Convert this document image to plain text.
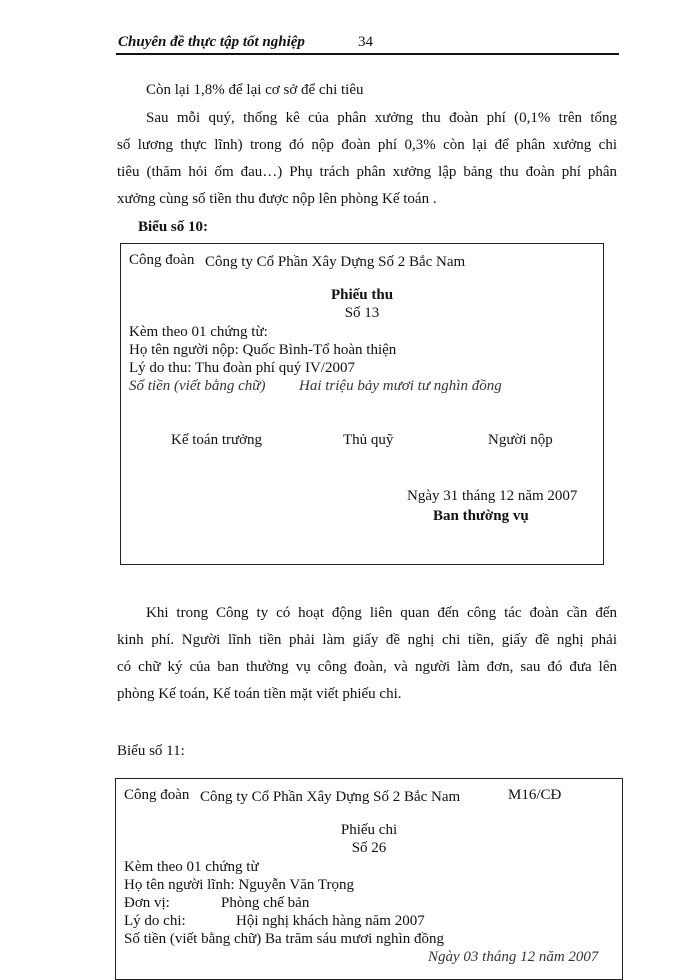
Chuyên đề thực tập tốt nghiệp	34
Còn lại 1,8% để lại cơ sở để chi tiêu
Sau mỗi quý, thống kê của phân xưởng thu đoàn phí (0,1% trên tổng
số lương thực lĩnh) trong đó nộp đoàn phí 0,3% còn lại để phân xưởng chi
tiêu (thăm hỏi ốm đau…) Phụ trách phân xưởng lập bảng thu đoàn phí phân
xưởng cùng số tiền thu được nộp lên phòng Kế toán .
Biểu số 10:
Công đoàn Công ty Cổ Phần Xây Dựng Số 2 Bắc Nam
Phiếu thu
Số 13
Kèm theo 01 chứng từ:
Họ tên người nộp: Quốc Bình-Tổ hoàn thiện
Lý do thu: Thu đoàn phí quý IV/2007
Số tiền (viết bằng chữ) Hai triệu bảy mươi tư nghìn đồng
Kế toán trưởng	Thủ quỹ	Người nộp
Ngày 31 tháng 12 năm 2007
Ban thường vụ
Khi trong Công ty có hoạt động liên quan đến công tác đoàn cần đến
kinh phí. Người lĩnh tiền phải làm giấy đề nghị chi tiền, giấy đề nghị phải
có chữ ký của ban thường vụ công đoàn, và người làm đơn, sau đó đưa lên
phòng Kế toán, Kế toán tiền mặt viết phiếu chi.
Biểu số 11:
Công đoàn Công ty Cổ Phần Xây Dựng Số 2 Bắc Nam	M16/CĐ
Phiếu chi
Số 26
Kèm theo 01 chứng từ
Họ tên người lĩnh: Nguyễn Văn Trọng
Đơn vị:	Phòng chế bản
Lý do chi:	Hội nghị khách hàng năm 2007
Số tiền (viết bằng chữ) Ba trăm sáu mươi nghìn đồng
Ngày 03 tháng 12 năm 2007
